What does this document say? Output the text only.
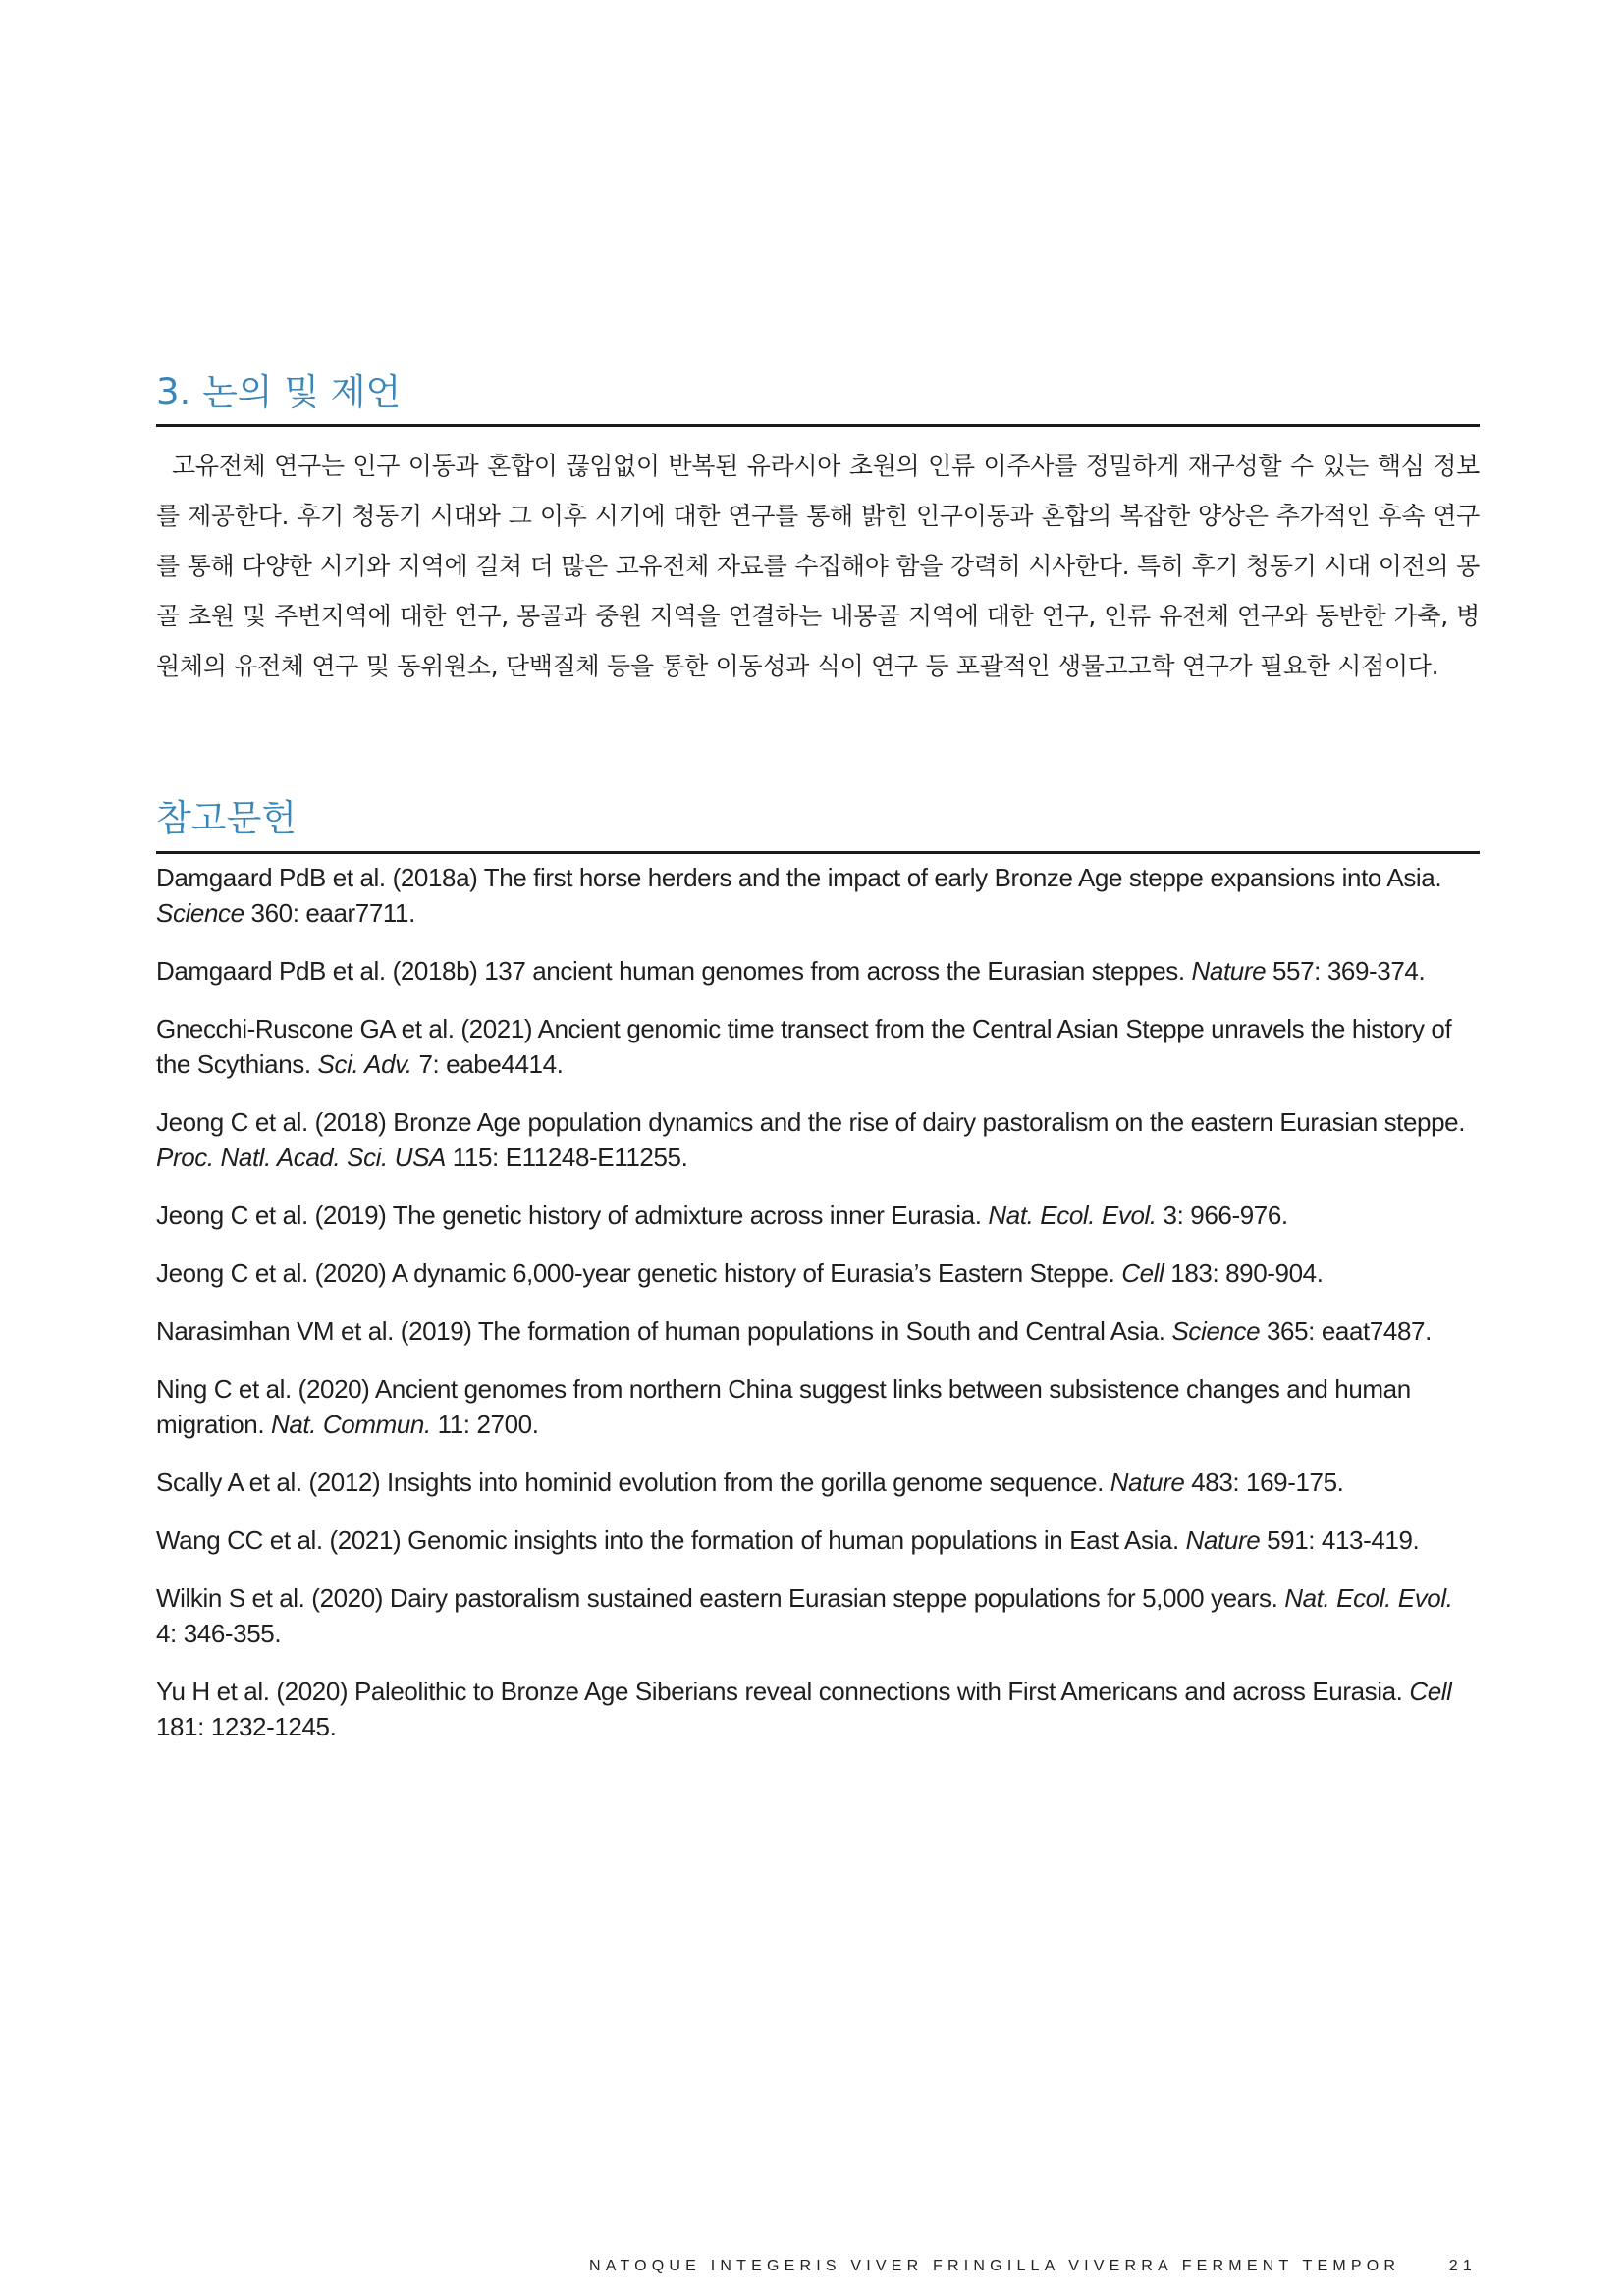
3. 논의 및 제언

고유전체 연구는 인구 이동과 혼합이 끊임없이 반복된 유라시아 초원의 인류 이주사를 정밀하게 재구성할 수 있는 핵심 정보를 제공한다. 후기 청동기 시대와 그 이후 시기에 대한 연구를 통해 밝힌 인구이동과 혼합의 복잡한 양상은 추가적인 후속 연구를 통해 다양한 시기와 지역에 걸쳐 더 많은 고유전체 자료를 수집해야 함을 강력히 시사한다. 특히 후기 청동기 시대 이전의 몽골 초원 및 주변지역에 대한 연구, 몽골과 중원 지역을 연결하는 내몽골 지역에 대한 연구, 인류 유전체 연구와 동반한 가축, 병원체의 유전체 연구 및 동위원소, 단백질체 등을 통한 이동성과 식이 연구 등 포괄적인 생물고고학 연구가 필요한 시점이다.

참고문헌
Damgaard PdB et al. (2018a) The first horse herders and the impact of early Bronze Age steppe expansions into Asia. Science 360: eaar7711.
Damgaard PdB et al. (2018b) 137 ancient human genomes from across the Eurasian steppes. Nature 557: 369-374.
Gnecchi-Ruscone GA et al. (2021) Ancient genomic time transect from the Central Asian Steppe unravels the history of the Scythians. Sci. Adv. 7: eabe4414.
Jeong C et al. (2018) Bronze Age population dynamics and the rise of dairy pastoralism on the eastern Eurasian steppe. Proc. Natl. Acad. Sci. USA 115: E11248-E11255.
Jeong C et al. (2019) The genetic history of admixture across inner Eurasia. Nat. Ecol. Evol. 3: 966-976.
Jeong C et al. (2020) A dynamic 6,000-year genetic history of Eurasia’s Eastern Steppe. Cell 183: 890-904.
Narasimhan VM et al. (2019) The formation of human populations in South and Central Asia. Science 365: eaat7487.
Ning C et al. (2020) Ancient genomes from northern China suggest links between subsistence changes and human migration. Nat. Commun. 11: 2700.
Scally A et al. (2012) Insights into hominid evolution from the gorilla genome sequence. Nature 483: 169-175.
Wang CC et al. (2021) Genomic insights into the formation of human populations in East Asia. Nature 591: 413-419.
Wilkin S et al. (2020) Dairy pastoralism sustained eastern Eurasian steppe populations for 5,000 years. Nat. Ecol. Evol. 4: 346-355.
Yu H et al. (2020) Paleolithic to Bronze Age Siberians reveal connections with First Americans and across Eurasia. Cell 181: 1232-1245.
NATOQUE INTEGERIS VIVER FRINGILLA VIVERRA FERMENT TEMPOR	21
